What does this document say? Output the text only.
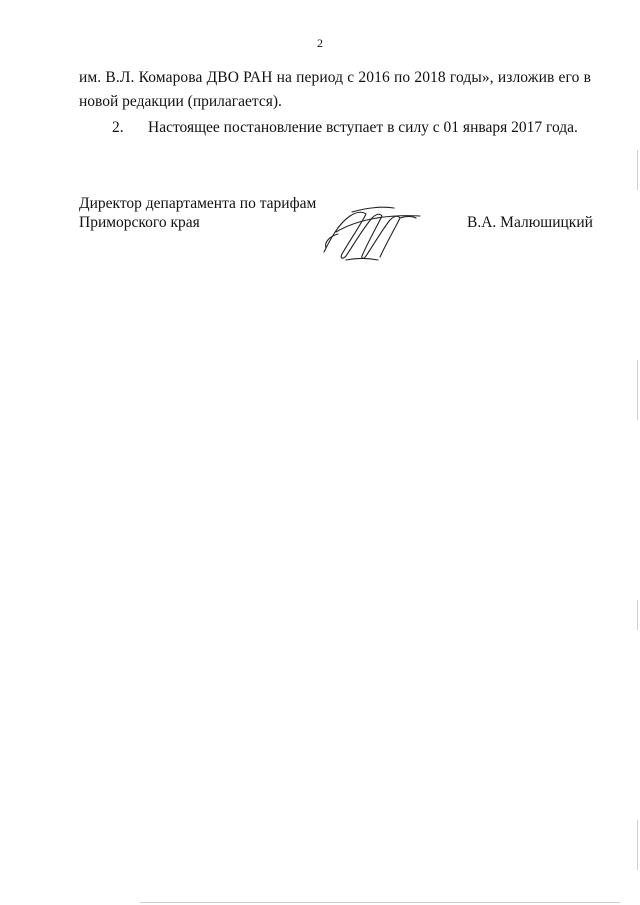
2
им. В.Л. Комарова ДВО РАН на период с 2016 по 2018 годы», изложив его в
новой редакции (прилагается).
2. Настоящее постановление вступает в силу с 01 января 2017 года.
Директор департамента по тарифам
Приморского края	В.А. Малюшицкий
